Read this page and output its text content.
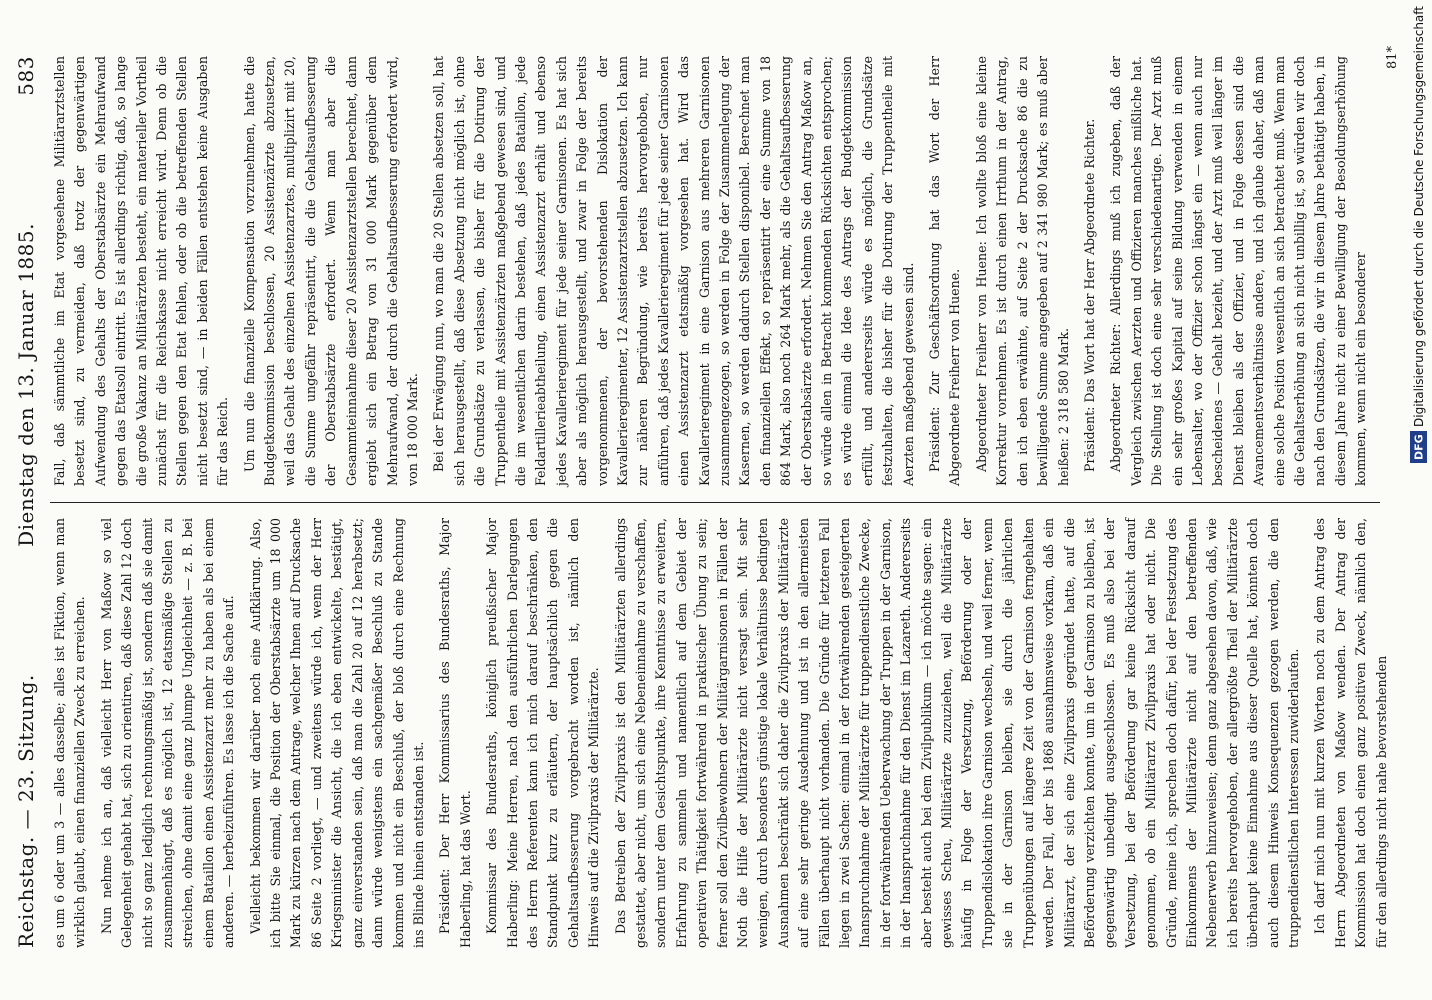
Reichstag. — 23. Sitzung.
Dienstag den 13. Januar 1885.
583

es um 6 oder um 3 — alles dasselbe; alles ist Fiktion, wenn man wirklich glaubt, einen finanziellen Zweck zu erreichen. Nun nehme ich an, daß vielleicht Herr von Maßow so viel Gelegenheit gehabt hat, sich zu orientiren, daß diese Zahl 12 doch nicht so ganz lediglich rechnungsmäßig ist, sondern daß sie damit zusammenhängt, daß es möglich ist, 12 etatsmäßige Stellen zu streichen, ohne damit eine ganz plumpe Ungleichheit — z. B. bei einem Bataillon einen Assistenzarzt mehr zu haben als bei einem anderen. — herbeizuführen. Es lasse ich die Sache auf. Vielleicht bekommen wir darüber noch eine Aufklärung. Also, ich bitte Sie einmal, die Position der Oberstabsärzte um 18 000 Mark zu kürzen nach dem Antrage, welcher Ihnen auf Drucksache 86 Seite 2 vorliegt, — und zweitens würde ich, wenn der Herr Kriegsminister die Ansicht, die ich eben entwickelte, bestätigt, ganz einverstanden sein, daß man die Zahl 20 auf 12 herabsetzt; dann würde wenigstens ein sachgemäßer Beschluß zu Stande kommen und nicht ein Beschluß, der bloß durch eine Rechnung ins Blinde hinein entstanden ist. Präsident: Der Herr Kommissarius des Bundesraths, Major Haberling, hat das Wort. Kommissar des Bundesraths, königlich preußischer Major Haberling: Meine Herren, nach den ausführlichen Darlegungen des Herrn Referenten kann ich mich darauf beschränken, den Standpunkt kurz zu erläutern, der hauptsächlich gegen die Gehaltsaufbesserung vorgebracht worden ist, nämlich den Hinweis auf die Zivilpraxis der Militärärzte. Das Betreiben der Zivilpraxis ist den Militärärzten allerdings gestattet, aber nicht, um sich eine Nebeneinnahme zu verschaffen, sondern unter dem Gesichtspunkte, ihre Kenntnisse zu erweitern, Erfahrung zu sammeln und namentlich auf dem Gebiet der operativen Thätigkeit fortwährend in praktischer Übung zu sein; ferner soll den Zivilbewohnern der Militärgarnisonen in Fällen der Noth die Hilfe der Militärärzte nicht versagt sein. Mit sehr wenigen, durch besonders günstige lokale Verhältnisse bedingten Ausnahmen beschränkt sich daher die Zivilpraxis der Militärärzte auf eine sehr geringe Ausdehnung und ist in den allermeisten Fällen überhaupt nicht vorhanden. Die Gründe für letzteren Fall liegen in zwei Sachen: einmal in der fortwährenden gesteigerten Inanspruchnahme der Militärärzte für truppendienstliche Zwecke, in der fortwährenden Ueberwachung der Truppen in der Garnison, in der Inanspruchnahme für den Dienst im Lazareth. Andererseits aber besteht auch bei dem Zivilpublikum — ich möchte sagen: ein gewisses Scheu, Militärärzte zuzuziehen, weil die Militärärzte häufig in Folge der Versetzung, Beförderung oder der Truppendislokation ihre Garnison wechseln, und weil ferner, wenn sie in der Garnison bleiben, sie durch die jährlichen Truppenübungen auf längere Zeit von der Garnison ferngehalten werden. Der Fall, der bis 1868 ausnahmsweise vorkam, daß ein Militärarzt, der sich eine Zivilpraxis gegründet hatte, auf die Beförderung verzichten konnte, um in der Garnison zu bleiben, ist gegenwärtig unbedingt ausgeschlossen. Es muß also bei der Versetzung, bei der Beförderung gar keine Rücksicht darauf genommen, ob ein Militärarzt Zivilpraxis hat oder nicht. Die Gründe, meine ich, sprechen doch dafür, bei der Festsetzung des Einkommens der Militärärzte nicht auf den betreffenden Nebenerwerb hinzuweisen; denn ganz abgesehen davon, daß, wie ich bereits hervorgehoben, der allergrößte Theil der Militärärzte überhaupt keine Einnahme aus dieser Quelle hat, könnten doch auch diesem Hinweis Konsequenzen gezogen werden, die den truppendienstlichen Interessen zuwiderlaufen. Ich darf mich nun mit kurzen Worten noch zu dem Antrag des Herrn Abgeordneten von Maßow wenden. Der Antrag der Kommission hat doch einen ganz positiven Zweck, nämlich den, für den allerdings nicht nahe bevorstehenden

Fall, daß sämmtliche im Etat vorgesehene Militärarztstellen besetzt sind, zu vermeiden, daß trotz der gegenwärtigen Aufwendung des Gehalts der Oberstabsärzte ein Mehraufwand gegen das Etatsoll eintritt. Es ist allerdings richtig, daß, so lange die große Vakanz an Militärärzten besteht, ein materieller Vortheil zunächst für die Reichskasse nicht erreicht wird. Denn ob die Stellen gegen den Etat fehlen, oder ob die betreffenden Stellen nicht besetzt sind, — in beiden Fällen entstehen keine Ausgaben für das Reich. Um nun die finanzielle Kompensation vorzunehmen, hatte die Budgetkommission beschlossen, 20 Assistenzärzte abzusetzen, weil das Gehalt des einzelnen Assistenzarztes, multiplizirt mit 20, die Summe ungefähr repräsentirt, die die Gehaltsaufbesserung der Oberstabsärzte erfordert. Wenn man aber die Gesammteinnahme dieser 20 Assistenzarztstellen berechnet, dann ergiebt sich ein Betrag von 31 000 Mark gegenüber dem Mehraufwand, der durch die Gehaltsaufbesserung erfordert wird, von 18 000 Mark. Bei der Erwägung nun, wo man die 20 Stellen absetzen soll, hat sich herausgestellt, daß diese Absetzung nicht möglich ist, ohne die Grundsätze zu verlassen, die bisher für die Dotirung der Truppentheile mit Assistenzärzten maßgebend gewesen sind, und die im wesentlichen darin bestehen, daß jedes Bataillon, jede Feldartillerieabtheilung, einen Assistenzarzt erhält und ebenso jedes Kavallerieregiment für jede seiner Garnisonen. Es hat sich aber als möglich herausgestellt, und zwar in Folge der bereits vorgenommenen, der bevorstehenden Dislokation der Kavallerieregimenter, 12 Assistenzarztstellen abzusetzen. Ich kann zur näheren Begründung, wie bereits hervorgehoben, nur anführen, daß jedes Kavallerieregiment für jede seiner Garnisonen einen Assistenzarzt etatsmäßig vorgesehen hat. Wird das Kavallerieregiment in eine Garnison aus mehreren Garnisonen zusammengezogen, so werden in Folge der Zusammenlegung der Kasernen, so werden dadurch Stellen disponibel. Berechnet man den finanziellen Effekt, so repräsentirt der eine Summe von 18 864 Mark, also noch 264 Mark mehr, als die Gehaltsaufbesserung der Oberstabsärzte erfordert. Nehmen Sie den Antrag Maßow an, so würde allen in Betracht kommenden Rücksichten entsprochen; es würde einmal die Idee des Antrags der Budgetkommission erfüllt, und andererseits würde es möglich, die Grundsätze festzuhalten, die bisher für die Dotirung der Truppentheile mit Aerzten maßgebend gewesen sind. Präsident: Zur Geschäftsordnung hat das Wort der Herr Abgeordnete Freiherr von Huene. Abgeordneter Freiherr von Huene: Ich wollte bloß eine kleine Korrektur vornehmen. Es ist durch einen Irrthum in der Antrag, den ich eben erwähnte, auf Seite 2 der Drucksache 86 die zu bewilligende Summe angegeben auf 2 341 980 Mark; es muß aber heißen: 2 318 580 Mark. Präsident: Das Wort hat der Herr Abgeordnete Richter. Abgeordneter Richter: Allerdings muß ich zugeben, daß der Vergleich zwischen Aerzten und Offizieren manches mißliche hat. Die Stellung ist doch eine sehr verschiedenartige. Der Arzt muß ein sehr großes Kapital auf seine Bildung verwenden in einem Lebensalter, wo der Offizier schon längst ein — wenn auch nur bescheidenes — Gehalt bezieht, und der Arzt muß weil länger im Dienst bleiben als der Offizier, und in Folge dessen sind die Avancementsverhältnisse andere, und ich glaube daher, daß man eine solche Position wesentlich an sich betrachtet muß. Wenn man die Gehaltserhöhung an sich nicht unbillig ist, so würden wir doch nach den Grundsätzen, die wir in diesem Jahre bethätigt haben, in diesem Jahre nicht zu einer Bewilligung der Besoldungserhöhung kommen, wenn nicht ein besonderer

81*
DFG
Digitalisierung gefördert durch die Deutsche Forschungsgemeinschaft
